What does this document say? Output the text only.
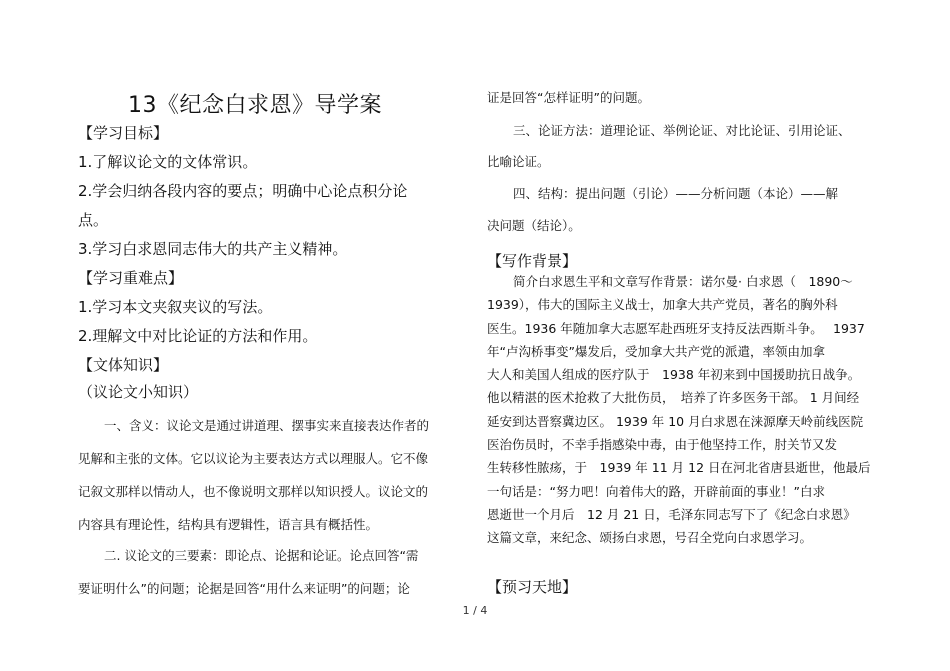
13《纪念白求恩》导学案
【学习目标】
1.了解议论文的文体常识。
2.学会归纳各段内容的要点；明确中心论点积分论
点。
3.学习白求恩同志伟大的共产主义精神。
【学习重难点】
1.学习本文夹叙夹议的写法。
2.理解文中对比论证的方法和作用。
【文体知识】
（议论文小知识）
一、含义：议论文是通过讲道理、摆事实来直接表达作者的
见解和主张的文体。它以议论为主要表达方式以理服人。它不像
记叙文那样以情动人，也不像说明文那样以知识授人。议论文的
内容具有理论性，结构具有逻辑性，语言具有概括性。
二. 议论文的三要素：即论点、论据和论证。论点回答“需
要证明什么”的问题；论据是回答“用什么来证明”的问题；论
证是回答“怎样证明”的问题。
三、论证方法：道理论证、举例论证、对比论证、引用论证、
比喻论证。
四、结构：提出问题（引论）——分析问题（本论）——解
决问题（结论）。
【写作背景】
简介白求恩生平和文章写作背景：诺尔曼· 白求恩（　1890～
1939），伟大的国际主义战士，加拿大共产党员，著名的胸外科
医生。1936 年随加拿大志愿军赴西班牙支持反法西斯斗争。　 1937
年“卢沟桥事变”爆发后，受加拿大共产党的派遣，率领由加拿
大人和美国人组成的医疗队于　1938 年初来到中国援助抗日战争。
他以精湛的医术抢救了大批伤员，　培养了许多医务干部。 1 月间经
延安到达晋察冀边区。 1939 年 10 月白求恩在涞源摩天岭前线医院
医治伤员时，不幸手指感染中毒，由于他坚持工作，肘关节又发
生转移性脓疡，于　1939 年 11 月 12 日在河北省唐县逝世，他最后
一句话是：“努力吧！向着伟大的路，开辟前面的事业！”白求
恩逝世一个月后　12 月 21 日，毛泽东同志写下了《纪念白求恩》
这篇文章，来纪念、颂扬白求恩，号召全党向白求恩学习。
【预习天地】
1 / 4
